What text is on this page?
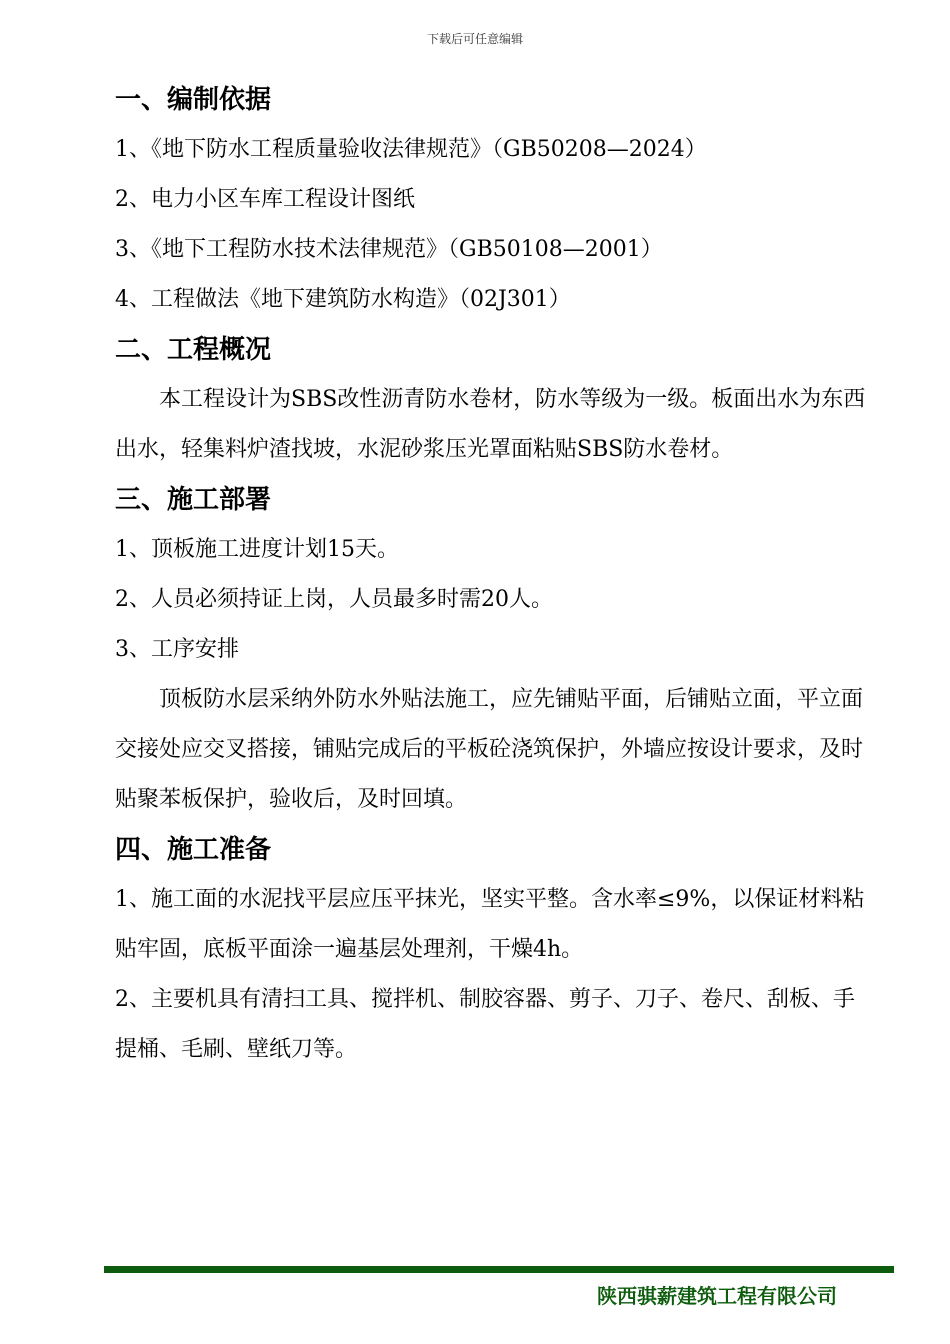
下载后可任意编辑
一、编制依据
1、《地下防水工程质量验收法律规范》（GB50208—2024）
2、电力小区车库工程设计图纸
3、《地下工程防水技术法律规范》（GB50108—2001）
4、工程做法《地下建筑防水构造》（02J301）
二、工程概况

本工程设计为SBS改性沥青防水卷材，防水等级为一级。板面出水为东西出水，轻集料炉渣找坡，水泥砂浆压光罩面粘贴SBS防水卷材。

三、施工部署
1、顶板施工进度计划15天。
2、人员必须持证上岗，人员最多时需20人。
3、工序安排

顶板防水层采纳外防水外贴法施工，应先铺贴平面，后铺贴立面，平立面交接处应交叉搭接，铺贴完成后的平板砼浇筑保护，外墙应按设计要求，及时贴聚苯板保护，验收后，及时回填。

四、施工准备

1、施工面的水泥找平层应压平抹光，坚实平整。含水率≤9%，以保证材料粘贴牢固，底板平面涂一遍基层处理剂，干燥4h。

2、主要机具有清扫工具、搅拌机、制胶容器、剪子、刀子、卷尺、刮板、手提桶、毛刷、壁纸刀等。

陕西骐薪建筑工程有限公司
